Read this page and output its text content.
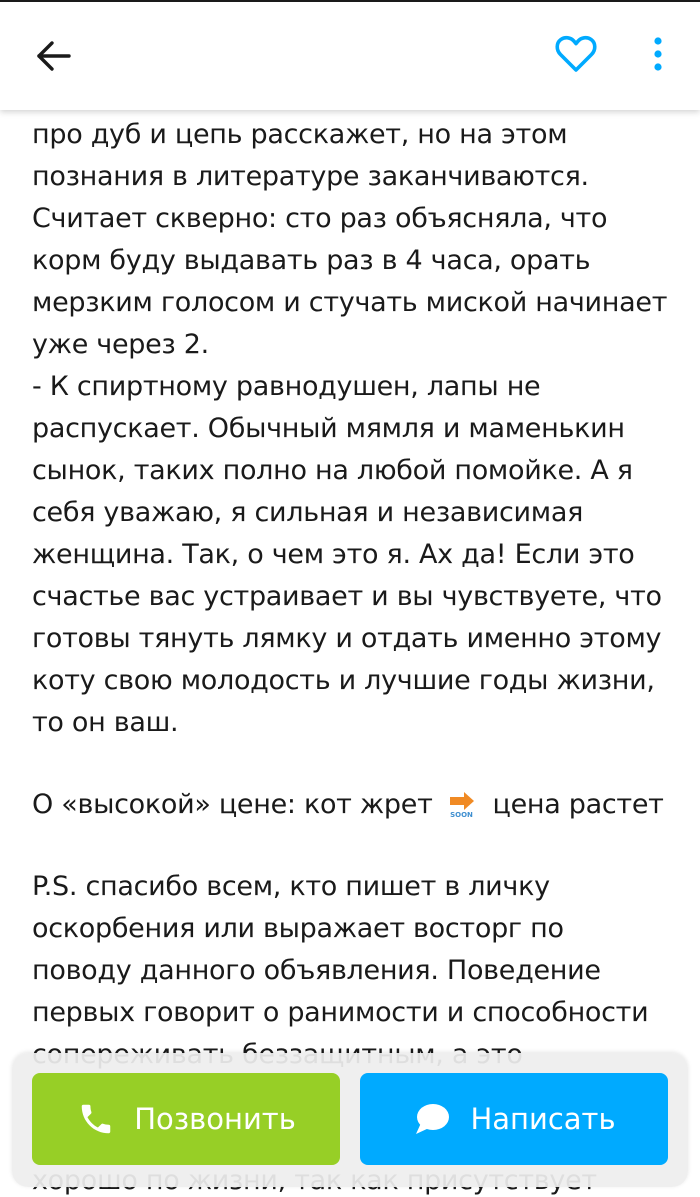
про дуб и цепь расскажет, но на этом
познания в литературе заканчиваются.
Считает скверно: сто раз объясняла, что
корм буду выдавать раз в 4 часа, орать
мерзким голосом и стучать миской начинает
уже через 2.
- К спиртному равнодушен, лапы не
распускает. Обычный мямля и маменькин
сынок, таких полно на любой помойке. А я
себя уважаю, я сильная и независимая
женщина. Так, о чем это я. Ах да! Если это
счастье вас устраивает и вы чувствуете, что
готовы тянуть лямку и отдать именно этому
коту свою молодость и лучшие годы жизни,
то он ваш.
О «высокой» цене: кот жрет	SOON цена растет
P.S. спасибо всем, кто пишет в личку
оскорбения или выражает восторг по
поводу данного объявления. Поведение
первых говорит о ранимости и способности
Позвонить	Написать
